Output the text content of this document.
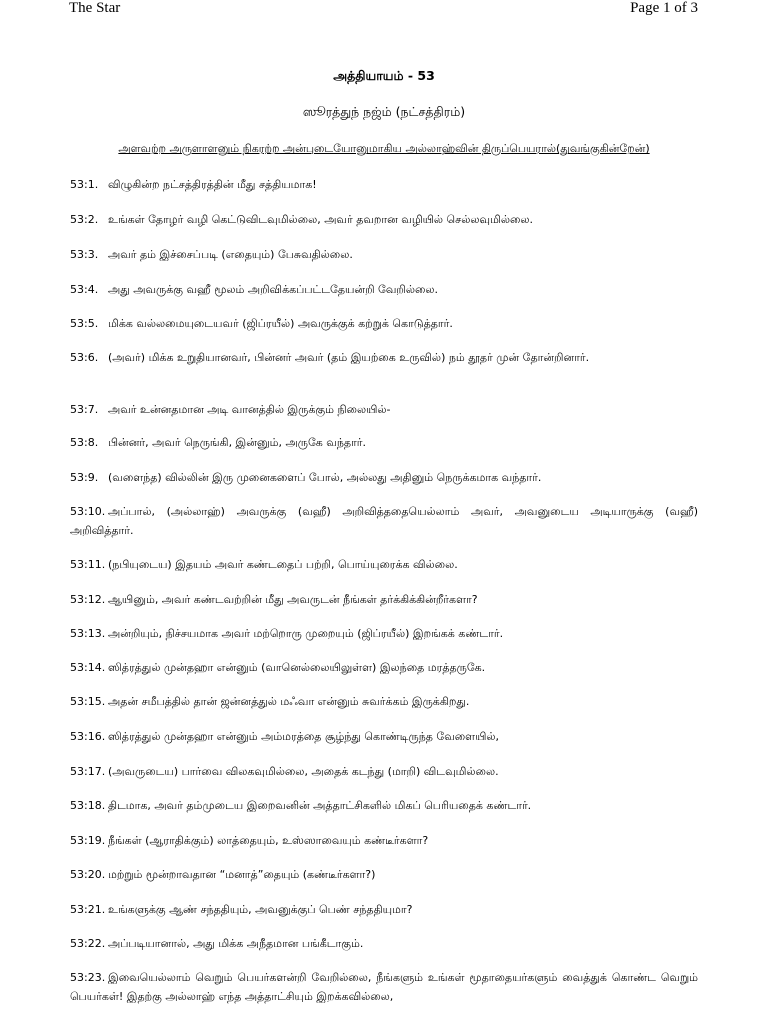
The Star	Page 1 of 3
அத்தியாயம் - 53
ஸூரத்துந் நஜ்ம் (நட்சத்திரம்)
அளவற்ற அருளாளனும் நிகரற்ற அன்புடையோனுமாகிய அல்லாஹ்வின் திருப்பெயரால்(துவங்குகின்றேன்)
53:1. விழுகின்ற நட்சத்திரத்தின் மீது சத்தியமாக!
53:2. உங்கள் தோழர் வழி கெட்டுவிடவுமில்லை, அவர் தவறான வழியில் செல்லவுமில்லை.
53:3. அவர் தம் இச்சைப்படி (எதையும்) பேசுவதில்லை.
53:4. அது அவருக்கு வஹீ மூலம் அறிவிக்கப்பட்டதேயன்றி வேறில்லை.
53:5. மிக்க வல்லமையுடையவர் (ஜிப்ரயீல்) அவருக்குக் கற்றுக் கொடுத்தார்.
53:6. (அவர்) மிக்க உறுதியானவர், பின்னர் அவர் (தம் இயற்கை உருவில்) நம் தூதர் முன் தோன்றினார்.
53:7. அவர் உன்னதமான அடி வானத்தில் இருக்கும் நிலையில்-
53:8. பின்னர், அவர் நெருங்கி, இன்னும், அருகே வந்தார்.
53:9. (வளைந்த) வில்லின் இரு முனைகளைப் போல், அல்லது அதினும் நெருக்கமாக வந்தார்.
53:10. அப்பால், (அல்லாஹ்) அவருக்கு (வஹீ) அறிவித்ததையெல்லாம் அவர், அவனுடைய அடியாருக்கு (வஹீ) அறிவித்தார்.
53:11. (நபியுடைய) இதயம் அவர் கண்டதைப் பற்றி, பொய்யுரைக்க வில்லை.
53:12. ஆயினும், அவர் கண்டவற்றின் மீது அவருடன் நீங்கள் தர்க்கிக்கின்றீர்களா?
53:13. அன்றியும், நிச்சயமாக அவர் மற்றொரு முறையும் (ஜிப்ரயீல்) இறங்கக் கண்டார்.
53:14. ஸித்ரத்துல் முன்தஹா என்னும் (வானெல்லையிலுள்ள) இலந்தை மரத்தருகே.
53:15. அதன் சமீபத்தில் தான் ஜன்னத்துல் மஃவா என்னும் சுவர்க்கம் இருக்கிறது.
53:16. ஸித்ரத்துல் முன்தஹா என்னும் அம்மரத்தை சூழ்ந்து கொண்டிருந்த வேளையில்,
53:17. (அவருடைய) பார்வை விலகவுமில்லை, அதைக் கடந்து (மாறி) விடவுமில்லை.
53:18. திடமாக, அவர் தம்முடைய இறைவனின் அத்தாட்சிகளில் மிகப் பெரியதைக் கண்டார்.
53:19. நீங்கள் (ஆராதிக்கும்) லாத்தையும், உஸ்ஸாவையும் கண்டீர்களா?
53:20. மற்றும் மூன்றாவதான “மனாத்”தையும் (கண்டீர்களா?)
53:21. உங்களுக்கு ஆண் சந்ததியும், அவனுக்குப் பெண் சந்ததியுமா?
53:22. அப்படியானால், அது மிக்க அநீதமான பங்கீடாகும்.
53:23. இவையெல்லாம் வெறும் பெயர்களன்றி வேறில்லை, நீங்களும் உங்கள் மூதாதையர்களும் வைத்துக் கொண்ட வெறும் பெயர்கள்! இதற்கு அல்லாஹ் எந்த அத்தாட்சியும் இறக்கவில்லை,
